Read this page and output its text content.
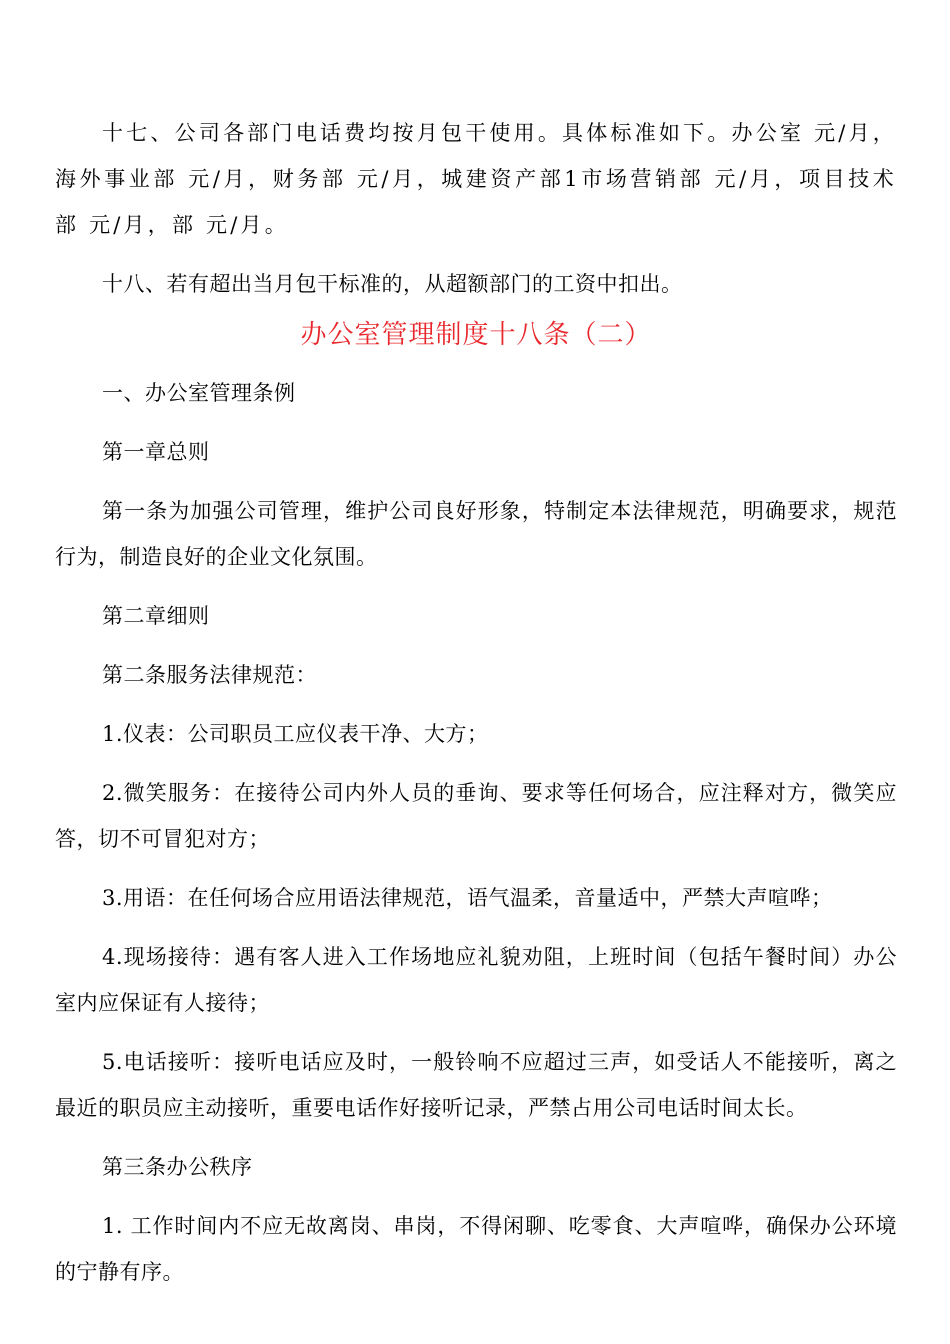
十七、公司各部门电话费均按月包干使用。具体标准如下。办公室 元/月，海外事业部 元/月，财务部 元/月，城建资产部1市场营销部 元/月，项目技术部 元/月，部 元/月。

十八、若有超出当月包干标准的，从超额部门的工资中扣出。

办公室管理制度十八条（二）

一、办公室管理条例

第一章总则

第一条为加强公司管理，维护公司良好形象，特制定本法律规范，明确要求，规范行为，制造良好的企业文化氛围。

第二章细则

第二条服务法律规范：

1.仪表：公司职员工应仪表干净、大方；

2.微笑服务：在接待公司内外人员的垂询、要求等任何场合，应注释对方，微笑应答，切不可冒犯对方；

3.用语：在任何场合应用语法律规范，语气温柔，音量适中，严禁大声喧哗；

4.现场接待：遇有客人进入工作场地应礼貌劝阻，上班时间（包括午餐时间）办公室内应保证有人接待；

5.电话接听：接听电话应及时，一般铃响不应超过三声，如受话人不能接听，离之最近的职员应主动接听，重要电话作好接听记录，严禁占用公司电话时间太长。

第三条办公秩序

1. 工作时间内不应无故离岗、串岗，不得闲聊、吃零食、大声喧哗，确保办公环境的宁静有序。
